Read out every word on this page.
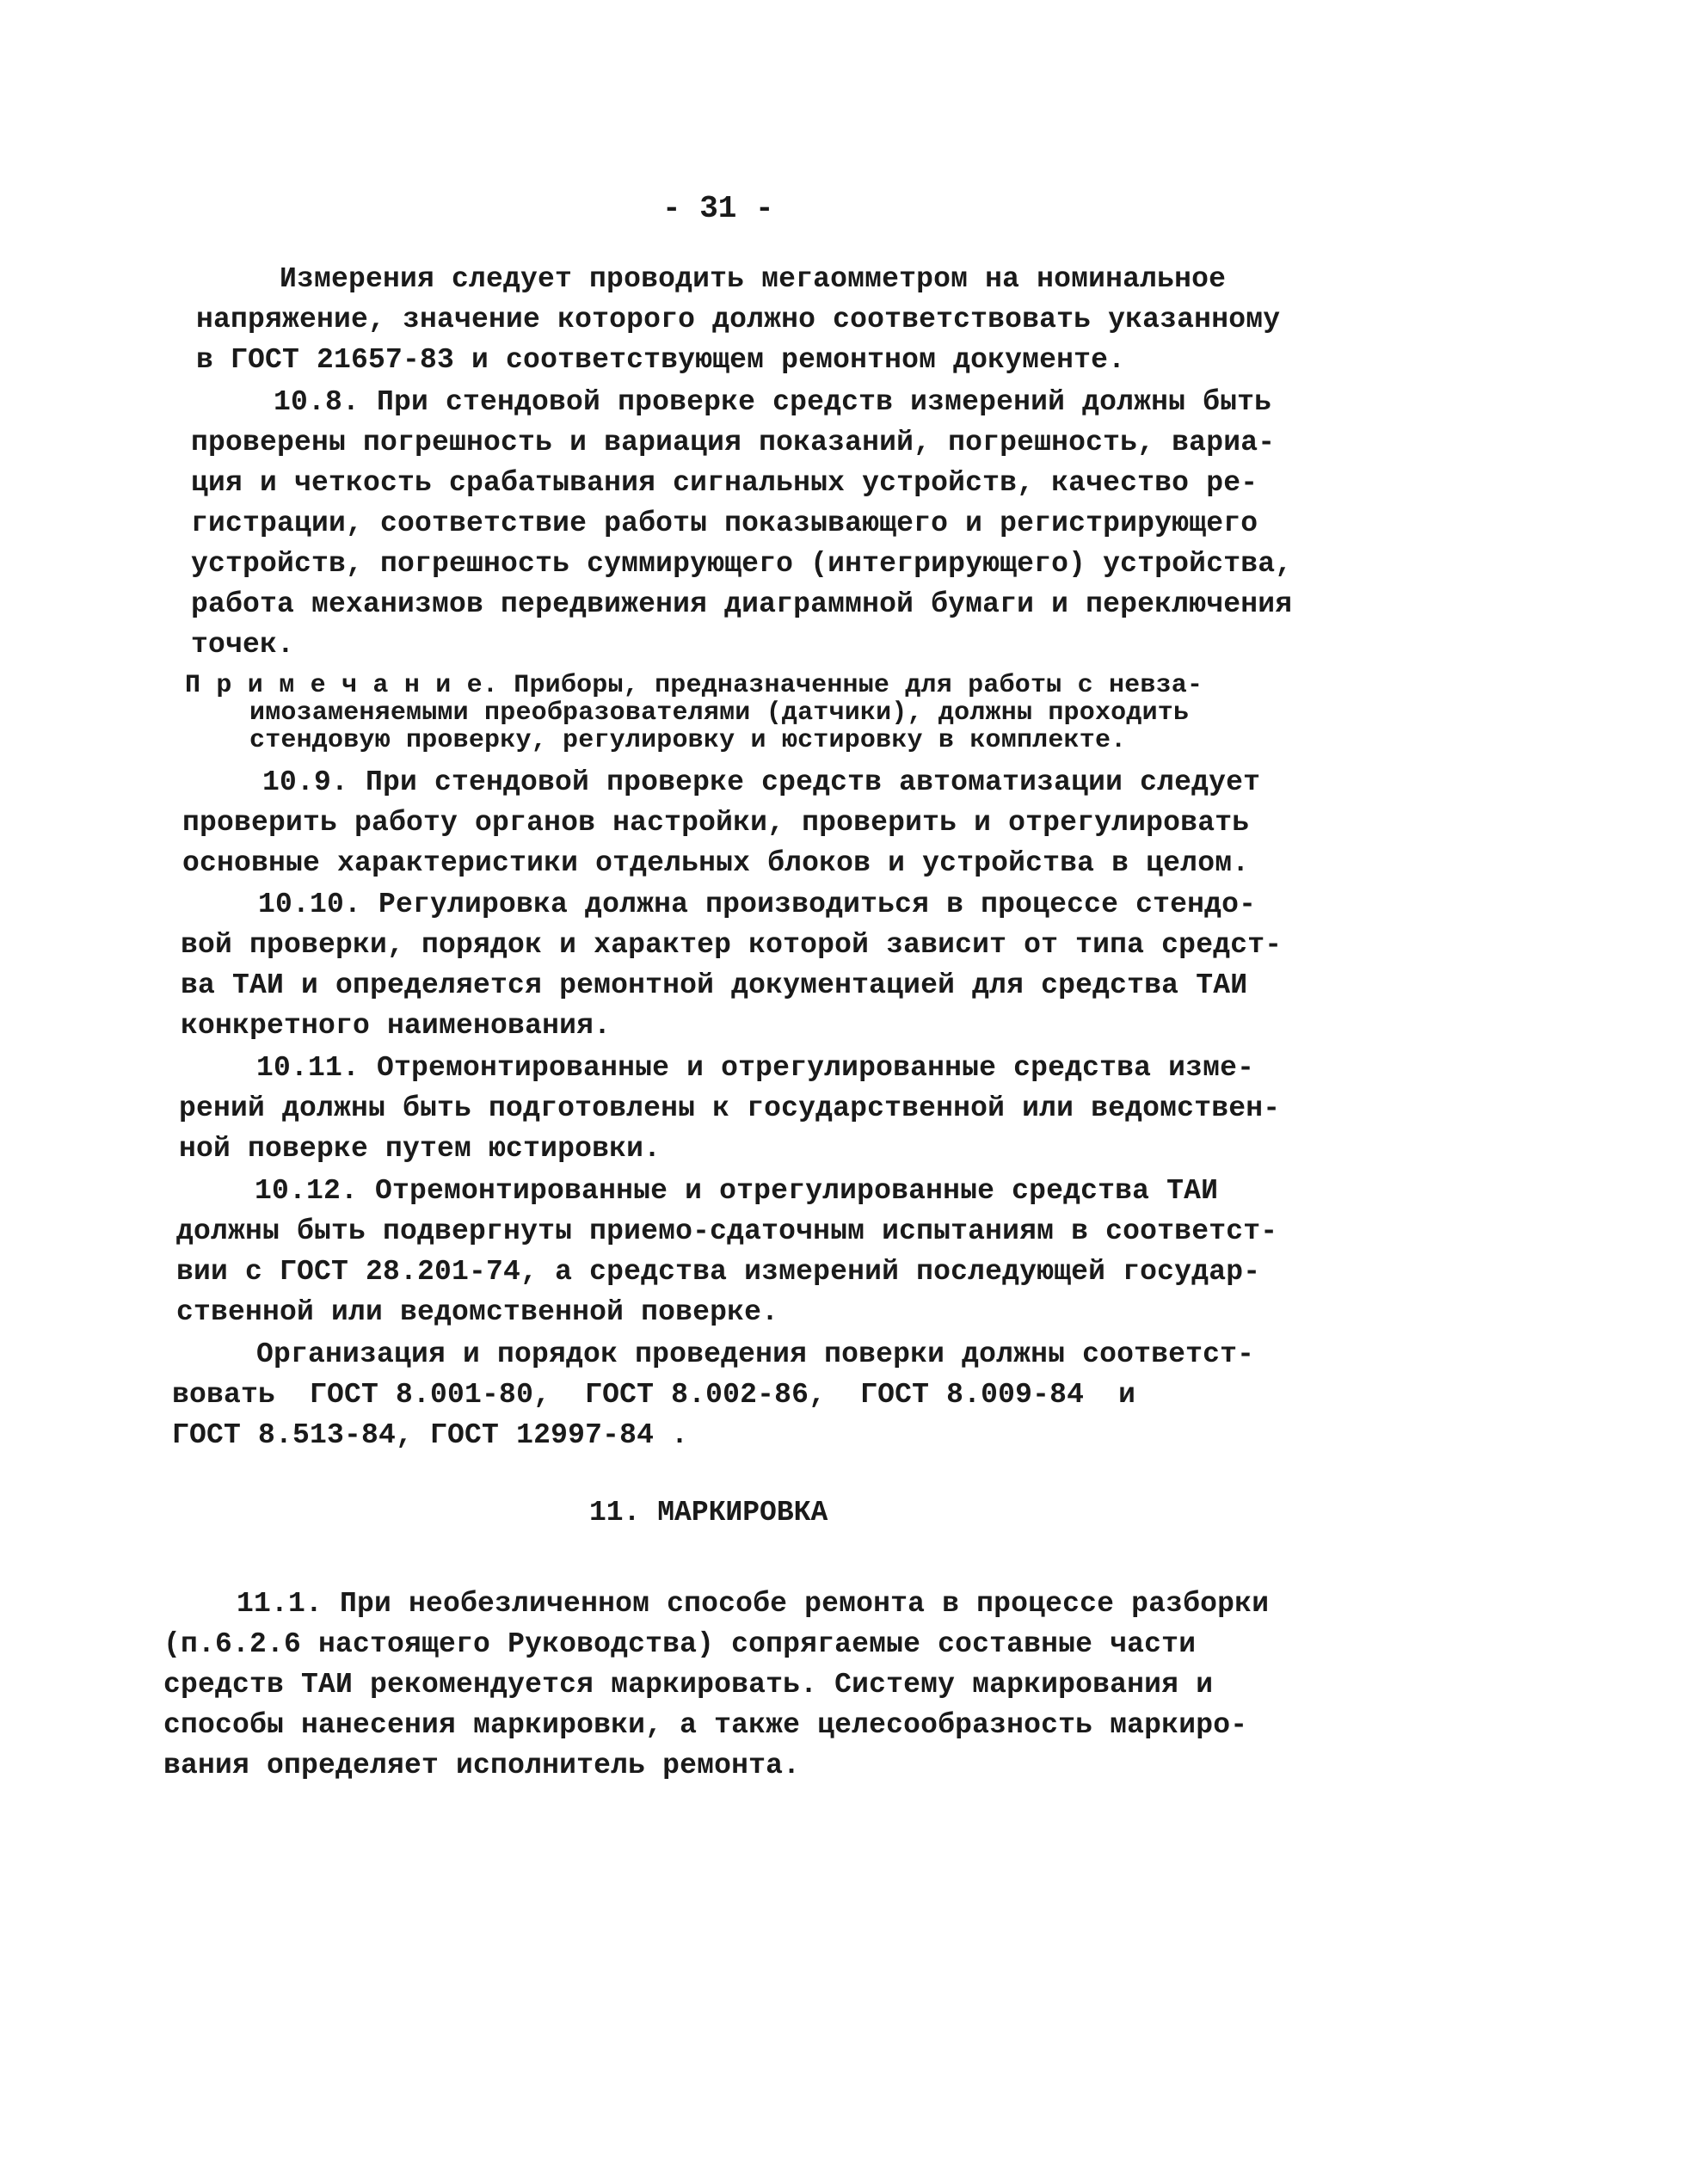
- 31 -
Измерения следует проводить мегаомметром на номинальное
напряжение, значение которого должно соответствовать указанному
в ГОСТ 21657-83 и соответствующем ремонтном документе.
10.8. При стендовой проверке средств измерений должны быть
проверены погрешность и вариация показаний, погрешность, вариа-
ция и четкость срабатывания сигнальных устройств, качество ре-
гистрации, соответствие работы показывающего и регистрирующего
устройств, погрешность суммирующего (интегрирующего) устройства,
работа механизмов передвижения диаграммной бумаги и переключения
точек.
П р и м е ч а н и е. Приборы, предназначенные для работы с невза-
имозаменяемыми преобразователями (датчики), должны проходить
стендовую проверку, регулировку и юстировку в комплекте.
10.9. При стендовой проверке средств автоматизации следует
проверить работу органов настройки, проверить и отрегулировать
основные характеристики отдельных блоков и устройства в целом.
10.10. Регулировка должна производиться в процессе стендо-
вой проверки, порядок и характер которой зависит от типа средст-
ва ТАИ и определяется ремонтной документацией для средства ТАИ
конкретного наименования.
10.11. Отремонтированные и отрегулированные средства изме-
рений должны быть подготовлены к государственной или ведомствен-
ной поверке путем юстировки.
10.12. Отремонтированные и отрегулированные средства ТАИ
должны быть подвергнуты приемо-сдаточным испытаниям в соответст-
вии с ГОСТ 28.201-74, а средства измерений последующей государ-
ственной или ведомственной поверке.
Организация и порядок проведения поверки должны соответст-
вовать  ГОСТ 8.001-80,  ГОСТ 8.002-86,  ГОСТ 8.009-84  и
ГОСТ 8.513-84, ГОСТ 12997-84 .
11. МАРКИРОВКА
11.1. При необезличенном способе ремонта в процессе разборки
(п.6.2.6 настоящего Руководства) сопрягаемые составные части
средств ТАИ рекомендуется маркировать. Систему маркирования и
способы нанесения маркировки, а также целесообразность маркиро-
вания определяет исполнитель ремонта.
